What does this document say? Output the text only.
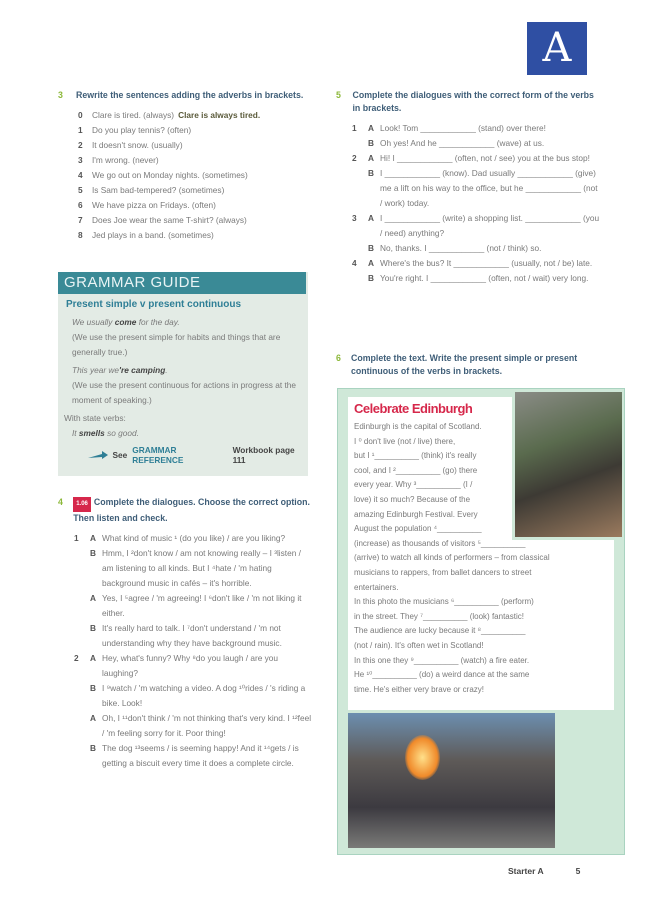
A
3	Rewrite the sentences adding the adverbs in brackets.
0	Clare is tired. (always) Clare is always tired.
1	Do you play tennis? (often)
2	It doesn't snow. (usually)
3	I'm wrong. (never)
4	We go out on Monday nights. (sometimes)
5	Is Sam bad-tempered? (sometimes)
6	We have pizza on Fridays. (often)
7	Does Joe wear the same T-shirt? (always)
8	Jed plays in a band. (sometimes)
GRAMMAR GUIDE
Present simple v present continuous
We usually come for the day.
(We use the present simple for habits and things that are generally true.)
This year we're camping.
(We use the present continuous for actions in progress at the moment of speaking.)
With state verbs:
It smells so good.
See GRAMMAR REFERENCE
Workbook page 111
4	1.06 Complete the dialogues. Choose the correct option. Then listen and check.
1	A What kind of music ¹ (do you like) / are you liking?
B Hmm, I ²don't know / am not knowing really – I ³listen / am listening to all kinds. But I ⁴hate / 'm hating background music in cafés – it's horrible.
A Yes, I ⁵agree / 'm agreeing! I ⁶don't like / 'm not liking it either.
B It's really hard to talk. I ⁷don't understand / 'm not understanding why they have background music.
2	A Hey, what's funny? Why ⁸do you laugh / are you laughing?
B I ⁹watch / 'm watching a video. A dog ¹⁰rides / 's riding a bike. Look!
A Oh, I ¹¹don't think / 'm not thinking that's very kind. I ¹²feel / 'm feeling sorry for it. Poor thing!
B The dog ¹³seems / is seeming happy! And it ¹⁴gets / is getting a biscuit every time it does a complete circle.
5	Complete the dialogues with the correct form of the verbs in brackets.
1	A Look! Tom ____________ (stand) over there!
B Oh yes! And he ____________ (wave) at us.
2	A Hi! I ____________ (often, not / see) you at the bus stop!
B I ____________ (know). Dad usually ____________ (give) me a lift on his way to the office, but he ____________ (not / work) today.
3	A I ____________ (write) a shopping list. ____________ (you / need) anything?
B No, thanks. I ____________ (not / think) so.
4	A Where's the bus? It ____________ (usually, not / be) late.
B You're right. I ____________ (often, not / wait) very long.
6 Complete the text. Write the present simple or present continuous of the verbs in brackets.
Celebrate Edinburgh
Edinburgh is the capital of Scotland.
I ⁰ don't live (not / live) there,
but I ¹__________ (think) it's really
cool, and I ²__________ (go) there
every year. Why ³__________ (I /
love) it so much? Because of the
amazing Edinburgh Festival. Every
August the population ⁴__________
(increase) as thousands of visitors ⁵__________
(arrive) to watch all kinds of performers – from classical
musicians to rappers, from ballet dancers to street
entertainers.
In this photo the musicians ⁶__________ (perform)
in the street. They ⁷__________ (look) fantastic!
The audience are lucky because it ⁸__________
(not / rain). It's often wet in Scotland!
In this one they ⁹__________ (watch) a fire eater.
He ¹⁰__________ (do) a weird dance at the same
time. He's either very brave or crazy!
Starter A	5
